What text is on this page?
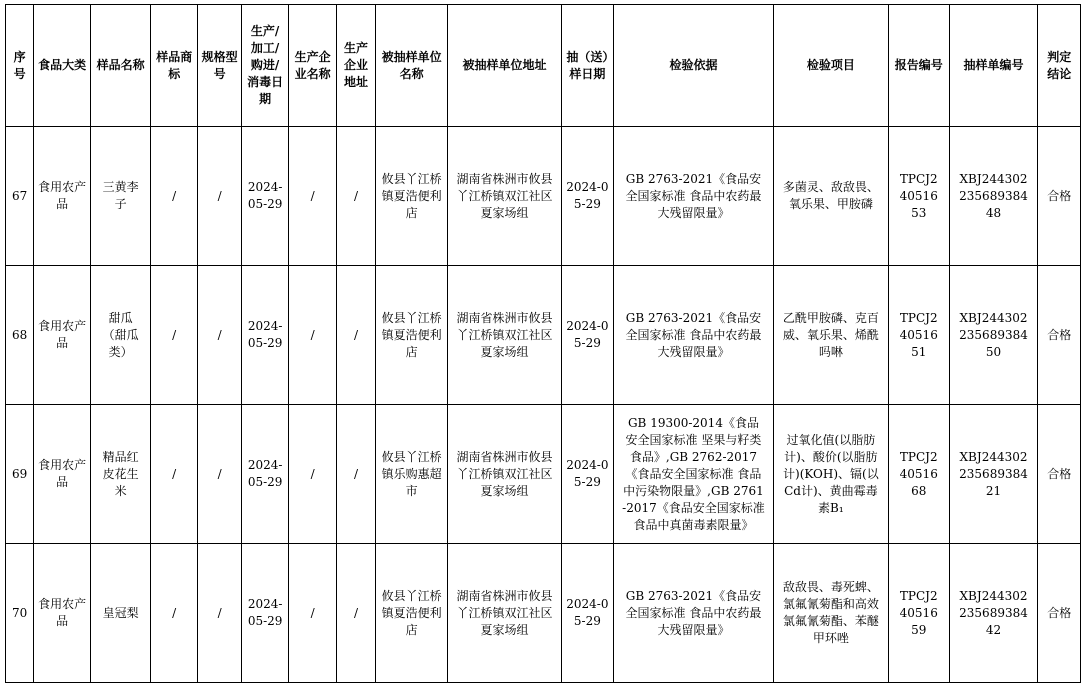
序号	食品大类	样品名称	样品商标	规格型号	生产/加工/购进/消毒日期	生产企业名称	生产企业地址	被抽样单位名称	被抽样单位地址	抽（送）样日期	检验依据	检验项目	报告编号	抽样单编号	判定结论
67	食用农产品	三黄李子	/	/	2024-05-29	/	/	攸县丫江桥镇夏浩便利店	湖南省株洲市攸县丫江桥镇双江社区夏家场组	2024-05-29	GB 2763-2021《食品安全国家标准 食品中农药最大残留限量》	多菌灵、敌敌畏、氧乐果、甲胺磷	TPCJ24051653	XBJ24430223568938448	合格
68	食用农产品	甜瓜（甜瓜类）	/	/	2024-05-29	/	/	攸县丫江桥镇夏浩便利店	湖南省株洲市攸县丫江桥镇双江社区夏家场组	2024-05-29	GB 2763-2021《食品安全国家标准 食品中农药最大残留限量》	乙酰甲胺磷、克百威、氧乐果、烯酰吗啉	TPCJ24051651	XBJ24430223568938450	合格
69	食用农产品	精品红皮花生米	/	/	2024-05-29	/	/	攸县丫江桥镇乐购惠超市	湖南省株洲市攸县丫江桥镇双江社区夏家场组	2024-05-29	GB 19300-2014《食品安全国家标准 坚果与籽类食品》,GB 2762-2017《食品安全国家标准 食品中污染物限量》,GB 2761-2017《食品安全国家标准 食品中真菌毒素限量》	过氧化值(以脂肪计)、酸价(以脂肪计)(KOH)、镉(以Cd计)、黄曲霉毒素B₁	TPCJ24051668	XBJ24430223568938421	合格
70	食用农产品	皇冠梨	/	/	2024-05-29	/	/	攸县丫江桥镇夏浩便利店	湖南省株洲市攸县丫江桥镇双江社区夏家场组	2024-05-29	GB 2763-2021《食品安全国家标准 食品中农药最大残留限量》	敌敌畏、毒死蜱、氯氟氰菊酯和高效氯氟氰菊酯、苯醚甲环唑	TPCJ24051659	XBJ24430223568938442	合格
